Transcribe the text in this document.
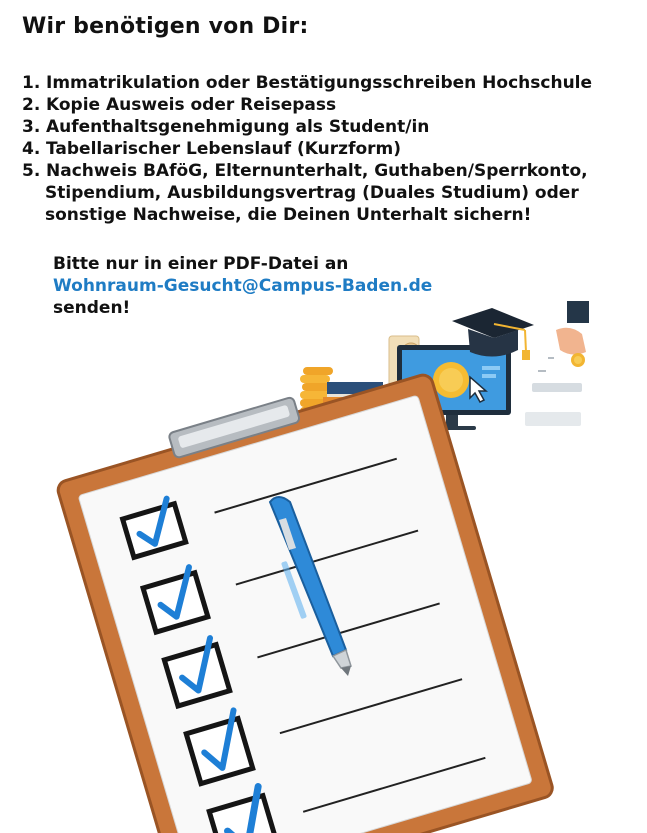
Wir benötigen von Dir:
1. Immatrikulation oder Bestätigungsschreiben Hochschule
2. Kopie Ausweis oder Reisepass
3. Aufenthaltsgenehmigung als Student/in
4. Tabellarischer Lebenslauf (Kurzform)
5. Nachweis BAföG, Elternunterhalt, Guthaben/Sperrkonto,
Stipendium, Ausbildungsvertrag (Duales Studium) oder
sonstige Nachweise, die Deinen Unterhalt sichern!
Bitte nur in einer PDF-Datei an
Wohnraum-Gesucht@Campus-Baden.de
senden!
